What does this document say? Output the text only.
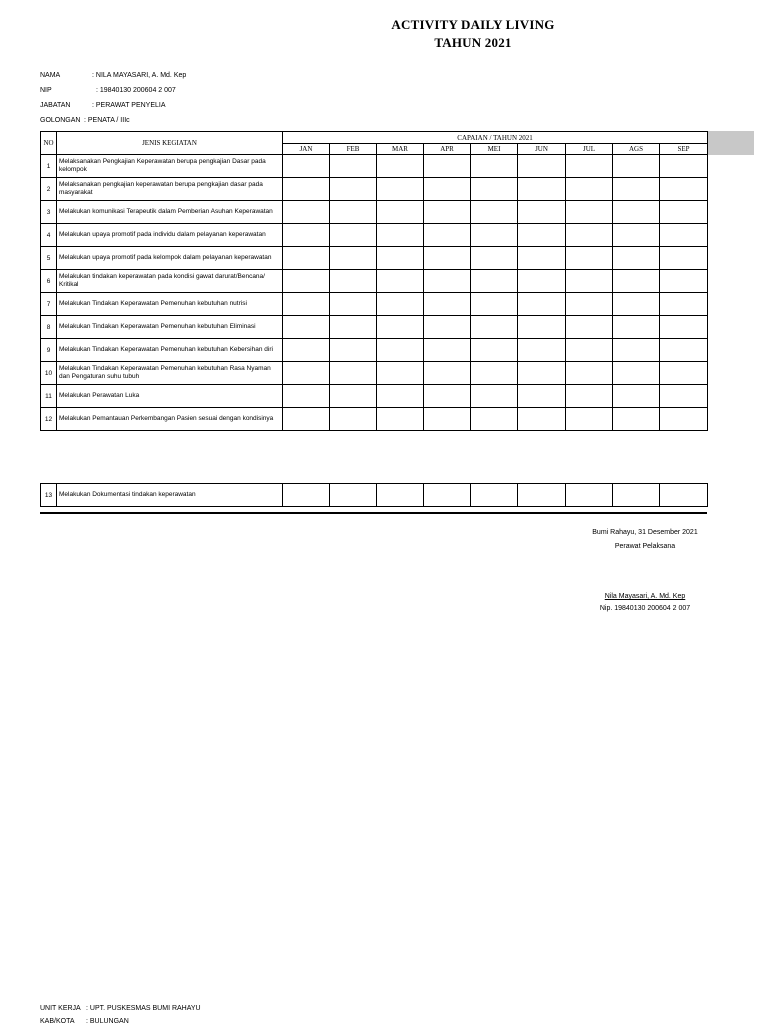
ACTIVITY DAILY LIVING
TAHUN 2021
NAMA	: NILA MAYASARI, A. Md. Kep
NIP	: 19840130 200604 2 007
JABATAN	: PERAWAT PENYELIA
GOLONGAN : PENATA / IIIc
NO	JENIS KEGIATAN	CAPAIAN / TAHUN 2021								
		JAN	FEB	MAR	APR	MEI	JUN	JUL	AGS	SEP
1	Melaksanakan Pengkajian Keperawatan berupa pengkajian Dasar pada kelompok									
2	Melaksanakan pengkajian keperawatan berupa pengkajian dasar pada masyarakat									
3	Melakukan komunikasi Terapeutik dalam Pemberian Asuhan Keperawatan									
4	Melakukan upaya promotif pada individu dalam pelayanan keperawatan									
5	Melakukan upaya promotif pada kelompok dalam pelayanan keperawatan									
6	Melakukan tindakan keperawatan pada kondisi gawat darurat/Bencana/ Kritikal									
7	Melakukan Tindakan Keperawatan Pemenuhan kebutuhan nutrisi									
8	Melakukan Tindakan Keperawatan Pemenuhan kebutuhan Eliminasi									
9	Melakukan Tindakan Keperawatan Pemenuhan kebutuhan Kebersihan diri									
10	Melakukan Tindakan Keperawatan Pemenuhan kebutuhan Rasa Nyaman dan Pengaturan suhu tubuh									
11	Melakukan Perawatan Luka									
12	Melakukan Pemantauan Perkembangan Pasien sesuai dengan kondisinya									
13	Melakukan Dokumentasi tindakan keperawatan									
Bumi Rahayu, 31 Desember 2021
Perawat Pelaksana
Nila Mayasari, A. Md. Kep
Nip. 19840130 200604 2 007
UNIT KERJA : UPT. PUSKESMAS BUMI RAHAYU
KAB/KOTA : BULUNGAN
